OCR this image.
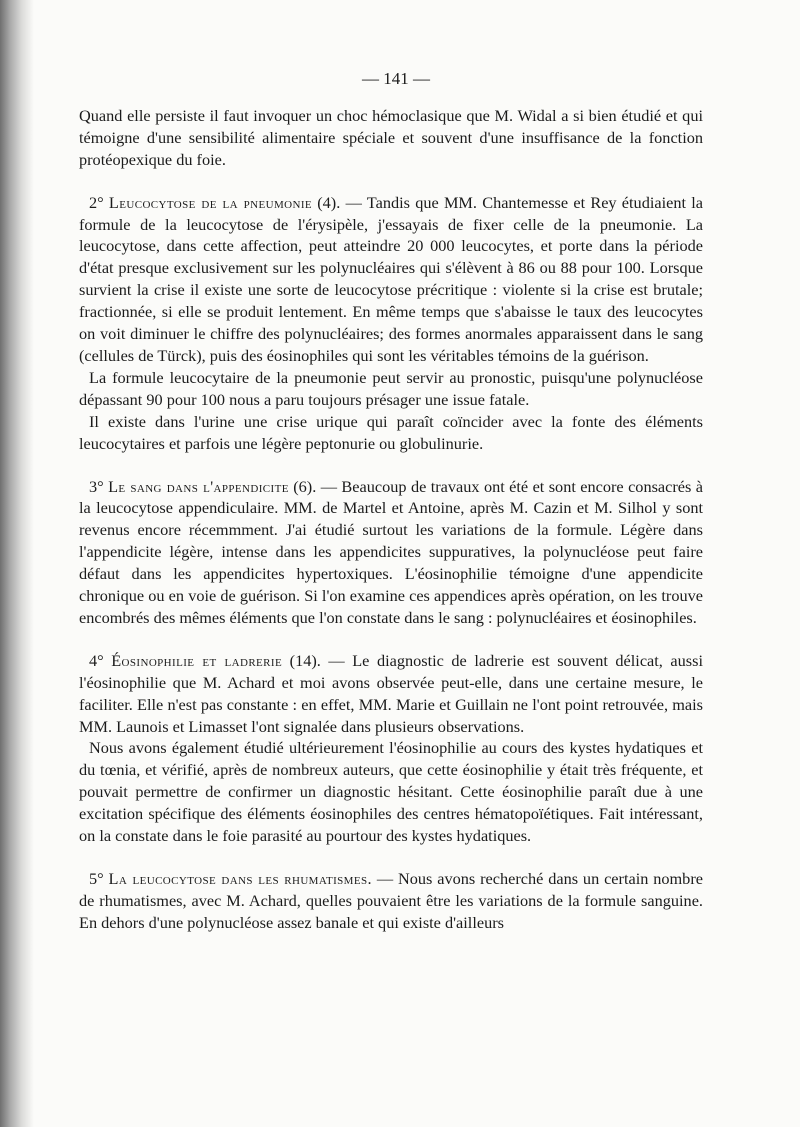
— 141 —

Quand elle persiste il faut invoquer un choc hémoclasique que M. Widal a si bien étudié et qui témoigne d'une sensibilité alimentaire spéciale et souvent d'une insuffisance de la fonction protéopexique du foie.

2° Leucocytose de la pneumonie (4). — Tandis que MM. Chantemesse et Rey étudiaient la formule de la leucocytose de l'érysipèle, j'essayais de fixer celle de la pneumonie. La leucocytose, dans cette affection, peut atteindre 20 000 leucocytes, et porte dans la période d'état presque exclusivement sur les polynucléaires qui s'élèvent à 86 ou 88 pour 100. Lorsque survient la crise il existe une sorte de leucocytose précritique : violente si la crise est brutale; fractionnée, si elle se produit lentement. En même temps que s'abaisse le taux des leucocytes on voit diminuer le chiffre des polynucléaires; des formes anormales apparaissent dans le sang (cellules de Türck), puis des éosinophiles qui sont les véritables témoins de la guérison.

La formule leucocytaire de la pneumonie peut servir au pronostic, puisqu'une polynucléose dépassant 90 pour 100 nous a paru toujours présager une issue fatale.

Il existe dans l'urine une crise urique qui paraît coïncider avec la fonte des éléments leucocytaires et parfois une légère peptonurie ou globulinurie.

3° Le sang dans l'appendicite (6). — Beaucoup de travaux ont été et sont encore consacrés à la leucocytose appendiculaire. MM. de Martel et Antoine, après M. Cazin et M. Silhol y sont revenus encore récemmment. J'ai étudié surtout les variations de la formule. Légère dans l'appendicite légère, intense dans les appendicites suppuratives, la polynucléose peut faire défaut dans les appendicites hypertoxiques. L'éosinophilie témoigne d'une appendicite chronique ou en voie de guérison. Si l'on examine ces appendices après opération, on les trouve encombrés des mêmes éléments que l'on constate dans le sang : polynucléaires et éosinophiles.

4° Éosinophilie et ladrerie (14). — Le diagnostic de ladrerie est souvent délicat, aussi l'éosinophilie que M. Achard et moi avons observée peut-elle, dans une certaine mesure, le faciliter. Elle n'est pas constante : en effet, MM. Marie et Guillain ne l'ont point retrouvée, mais MM. Launois et Limasset l'ont signalée dans plusieurs observations.

Nous avons également étudié ultérieurement l'éosinophilie au cours des kystes hydatiques et du tœnia, et vérifié, après de nombreux auteurs, que cette éosinophilie y était très fréquente, et pouvait permettre de confirmer un diagnostic hésitant. Cette éosinophilie paraît due à une excitation spécifique des éléments éosinophiles des centres hématopoïétiques. Fait intéressant, on la constate dans le foie parasité au pourtour des kystes hydatiques.

5° La leucocytose dans les rhumatismes. — Nous avons recherché dans un certain nombre de rhumatismes, avec M. Achard, quelles pouvaient être les variations de la formule sanguine. En dehors d'une polynucléose assez banale et qui existe d'ailleurs
